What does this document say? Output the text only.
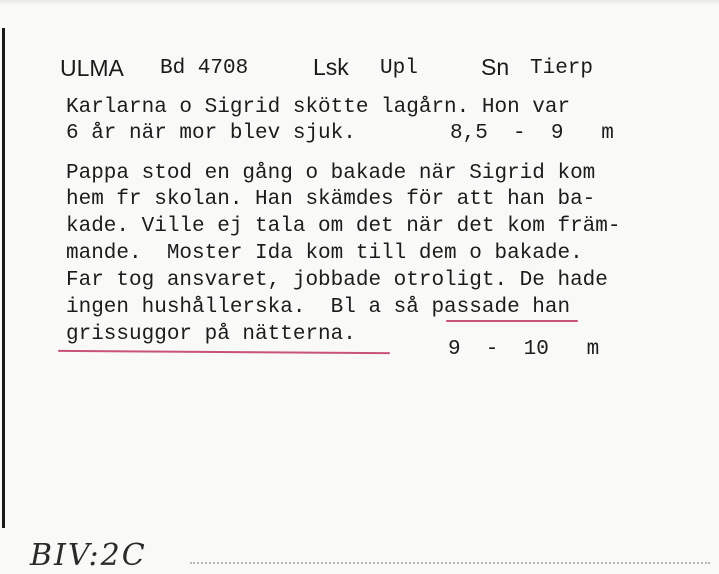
ULMA Bd 4708	Lsk Upl	Sn Tierp
Karlarna o Sigrid skötte lagårn. Hon var
6 år när mor blev sjuk.	8,5  -  9   m
Pappa stod en gång o bakade när Sigrid kom
hem fr skolan. Han skämdes för att han ba-
kade. Ville ej tala om det när det kom främ-
mande.  Moster Ida kom till dem o bakade.
Far tog ansvaret, jobbade otroligt. De hade
ingen hushållerska.  Bl a så passade han
grissuggor på nätterna.
9  -  10   m
BIV:2C
